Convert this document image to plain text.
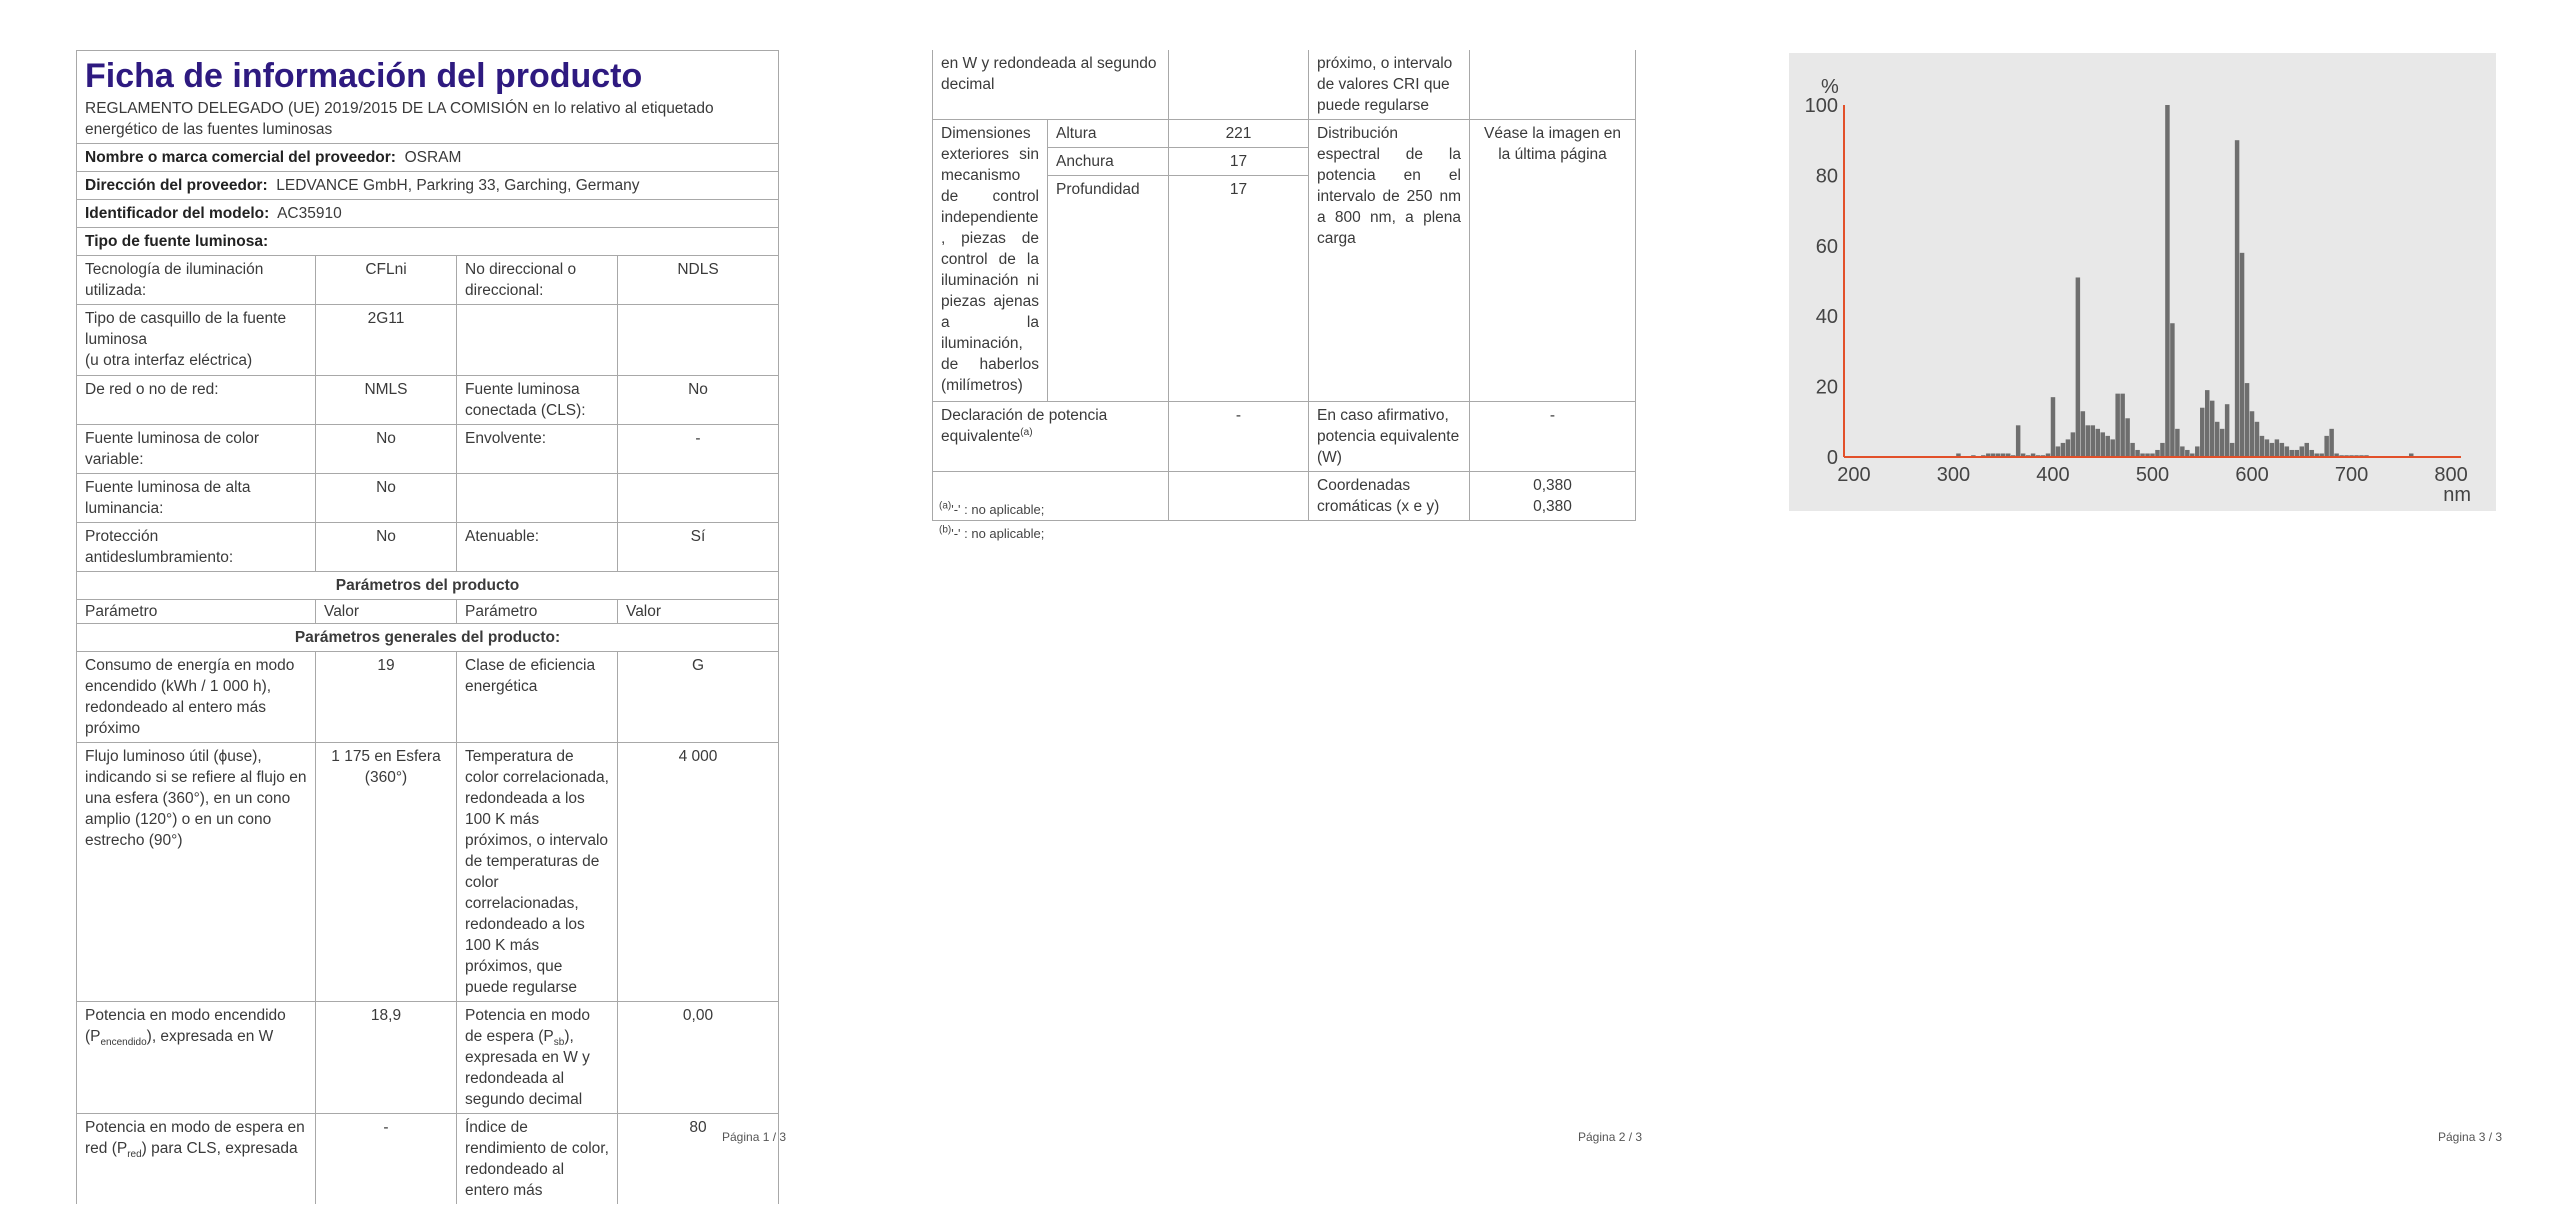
Ficha de información del producto
REGLAMENTO DELEGADO (UE) 2019/2015 DE LA COMISIÓN en lo relativo al etiquetado energético de las fuentes luminosas			

Nombre o marca comercial del proveedor: OSRAM			
Dirección del proveedor: LEDVANCE GmbH, Parkring 33, Garching, Germany			
Identificador del modelo: AC35910			
Tipo de fuente luminosa:			
Tecnología de iluminación utilizada:	CFLni	No direccional o direccional:	NDLS

Tipo de casquillo de la fuente luminosa
(u otra interfaz eléctrica)	2G11		
De red o no de red:	NMLS	Fuente luminosa conectada (CLS):	No
Fuente luminosa de color variable:	No	Envolvente:	-
Fuente luminosa de alta luminancia:	No		
Protección antideslumbramiento:	No	Atenuable:	Sí
Parámetros del producto			
Parámetro	Valor	Parámetro	Valor
Parámetros generales del producto:			
Consumo de energía en modo encendido (kWh / 1 000 h), redondeado al entero más próximo	19	Clase de eficiencia energética	G
Flujo luminoso útil (ϕuse), indicando si se refiere al flujo en una esfera (360°), en un cono amplio (120°) o en un cono estrecho (90°)	1 175 en Esfera (360°)	Temperatura de color correlacionada, redondeada a los 100 K más próximos, o intervalo de temperaturas de color correlacionadas, redondeado a los 100 K más próximos, que puede regularse	4 000
Potencia en modo encendido $(P_{encendido})$, expresada en W	18,9	Potencia en modo de espera $(P_{sb})$, expresada en W y redondeada al segundo decimal	0,00
Potencia en modo de espera en red $(P_{red})$ para CLS, expresada	-	Índice de rendimiento de color, redondeado al entero más	80
Página 1 / 3
en W y redondeada al segundo decimal			próximo, o intervalo de valores CRI que puede regularse	
Dimensiones exteriores sin mecanismo de control independiente, piezas de control de la iluminación ni piezas ajenas a la iluminación, de haberlos (milímetros)	Altura	221	Distribución espectral de la potencia en el intervalo de 250 nm a 800 nm, a plena carga	Véase la imagen en la última página
	Anchura	17		
	Profundidad	17		
Declaración de potencia equivalente$^{(a)}$		-	En caso afirmativo, potencia equivalente (W)	-
			Coordenadas cromáticas (x e y)	0,380
0,380
$^{(a)}$'-' : no aplicable;
$^{(b)}$'-' : no aplicable;
Página 2 / 3	Página 3 / 3
0
20
40
60
80
100
200	300	400	500	600	700	800
%
nm
